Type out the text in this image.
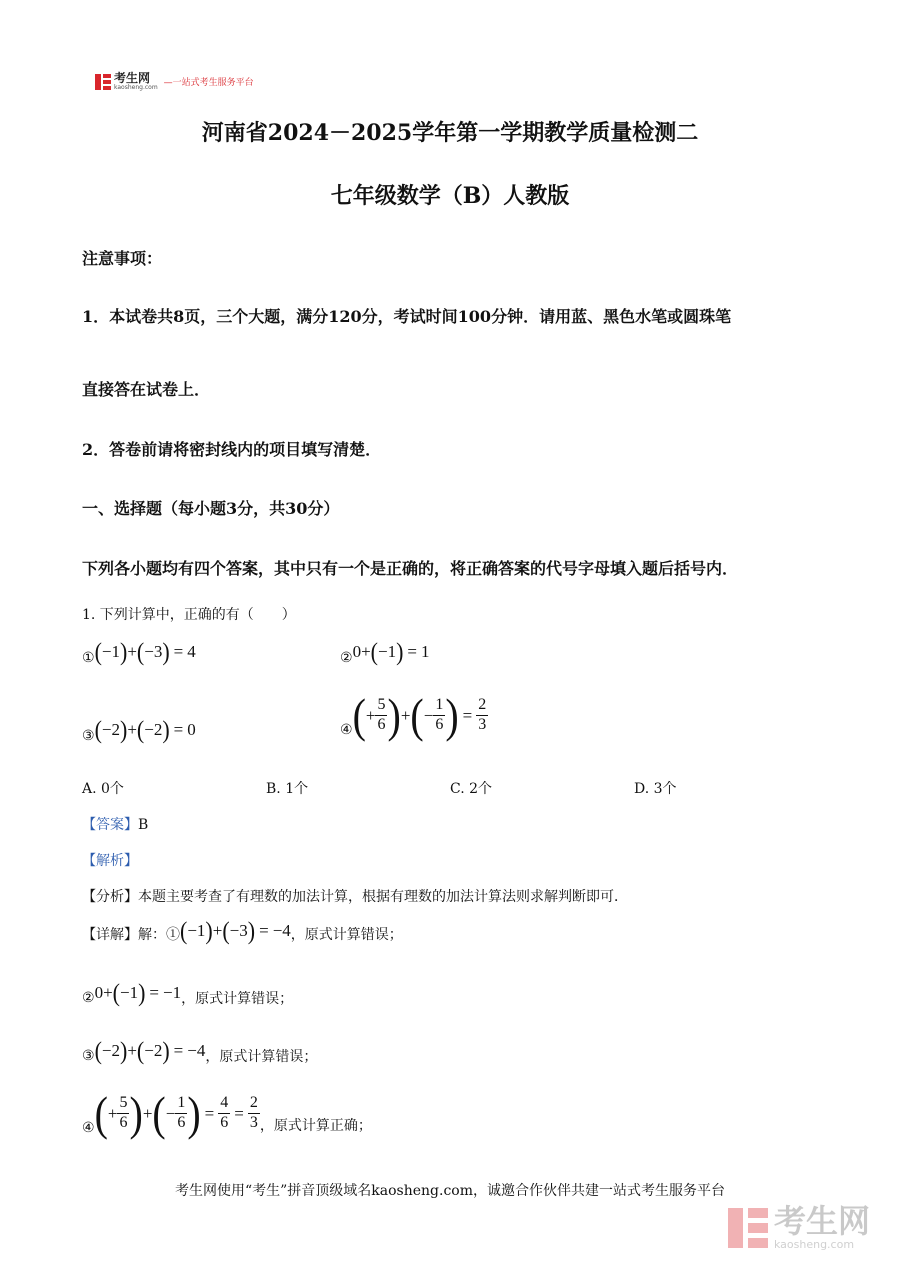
考生网
kaosheng.com —一站式考生服务平台
河南省2024－2025学年第一学期教学质量检测二
七年级数学（B）人教版
注意事项：
1．本试卷共8页，三个大题，满分120分，考试时间100分钟．请用蓝、黑色水笔或圆珠笔
直接答在试卷上．
2．答卷前请将密封线内的项目填写清楚．
一、选择题（每小题3分，共30分）
下列各小题均有四个答案，其中只有一个是正确的，将正确答案的代号字母填入题后括号内．
1. 下列计算中，正确的有（　　）
① ( −1 ) + ( −3 ) = 4	② 0+ ( −1 ) = 1
③ ( −2 ) + ( −2 ) = 0	④ ( + $\frac{5}{6}$ ) + ( − $\frac{1}{6}$ ) = $\frac{2}{3}$
A. 0个	B. 1个	C. 2个	D. 3个
【答案】B
【解析】
【分析】本题主要考查了有理数的加法计算，根据有理数的加法计算法则求解判断即可．
【详解】 解：① ( −1 ) + ( −3 ) = −4 ，原式计算错误；
② 0+ ( −1 ) = −1 ，原式计算错误；
③ ( −2 ) + ( −2 ) = −4 ，原式计算错误；
④ ( + $\frac{5}{6}$ ) + ( − $\frac{1}{6}$ ) = $\frac{4}{6} = \frac{2}{3}$ ，原式计算正确；
考生网使用“考生”拼音顶级域名kaosheng.com，诚邀合作伙伴共建一站式考生服务平台
考生网
kaosheng.com
